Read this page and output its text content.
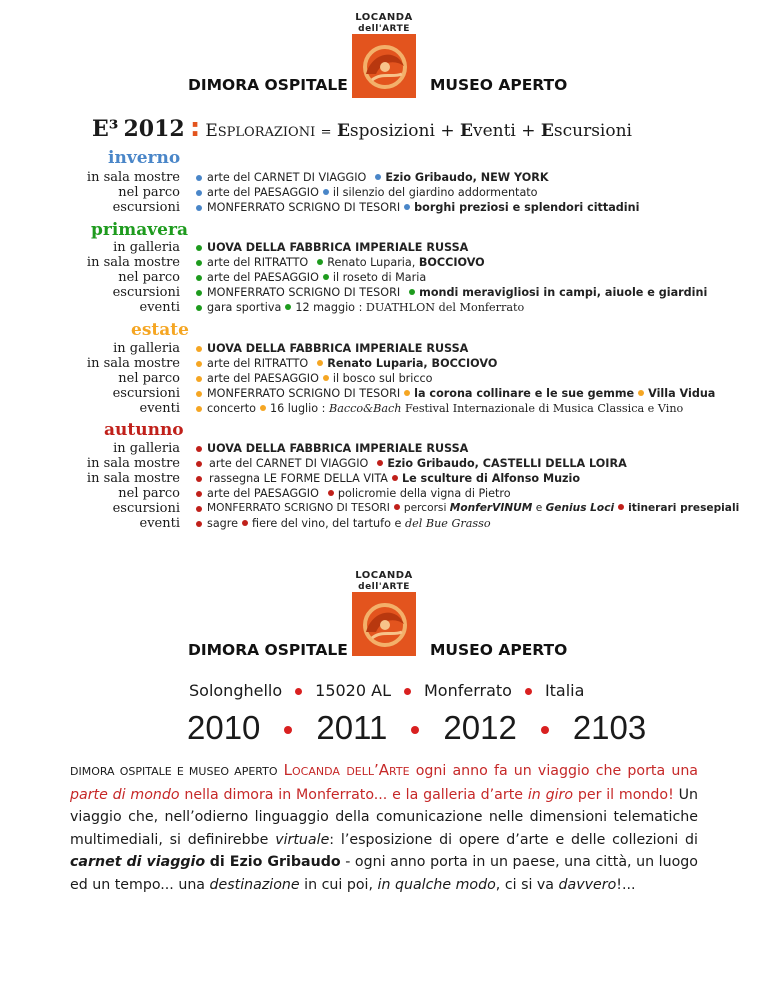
LOCANDA
dell'ARTE
DIMORA OSPITALE	MUSEO APERTO
E³ 2012 : ESPLORAZIONI = Esposizioni + Eventi + Escursioni
inverno
in sala mostre arte del CARNET DI VIAGGIO Ezio Gribaudo, NEW YORK
nel parco arte del PAESAGGIO il silenzio del giardino addormentato
escursioni MONFERRATO SCRIGNO DI TESORI borghi preziosi e splendori cittadini
primavera
in galleria UOVA DELLA FABBRICA IMPERIALE RUSSA
in sala mostre arte del RITRATTO Renato Luparia, BOCCIOVO
nel parco arte del PAESAGGIO il roseto di Maria
escursioni MONFERRATO SCRIGNO DI TESORI mondi meravigliosi in campi, aiuole e giardini
eventi gara sportiva 12 maggio : DUATHLON del Monferrato
estate
in galleria UOVA DELLA FABBRICA IMPERIALE RUSSA
in sala mostre arte del RITRATTO Renato Luparia, BOCCIOVO
nel parco arte del PAESAGGIO il bosco sul bricco
escursioni MONFERRATO SCRIGNO DI TESORI la corona collinare e le sue gemme Villa Vidua
eventi concerto 16 luglio : Bacco&Bach Festival Internazionale di Musica Classica e Vino
autunno
in galleria UOVA DELLA FABBRICA IMPERIALE RUSSA
in sala mostre	arte del CARNET DI VIAGGIO Ezio Gribaudo, CASTELLI DELLA LOIRA
in sala mostre	rassegna LE FORME DELLA VITA Le sculture di Alfonso Muzio
nel parco arte del PAESAGGIO policromie della vigna di Pietro
escursioni	MONFERRATO SCRIGNO DI TESORI percorsi MonferVINUM e Genius Loci itinerari presepiali
eventi sagre fiere del vino, del tartufo e del Bue Grasso
LOCANDA
dell'ARTE
DIMORA OSPITALE	MUSEO APERTO
Solonghello 15020 AL Monferrato Italia
2010 2011 2012 2103
DIMORA OSPITALE E MUSEO APERTO Locanda dell’Arte ogni anno fa un viaggio che porta una parte di mondo nella dimora in Monferrato... e la galleria d’arte in giro per il mondo! Un viaggio che, nell’odierno linguaggio della comunicazione nelle dimensioni telematiche multimediali, si definirebbe virtuale: l’esposizione di opere d’arte e delle collezioni di carnet di viaggio di Ezio Gribaudo - ogni anno porta in un paese, una città, un luogo ed un tempo... una destinazione in cui poi, in qualche modo, ci si va davvero!...
